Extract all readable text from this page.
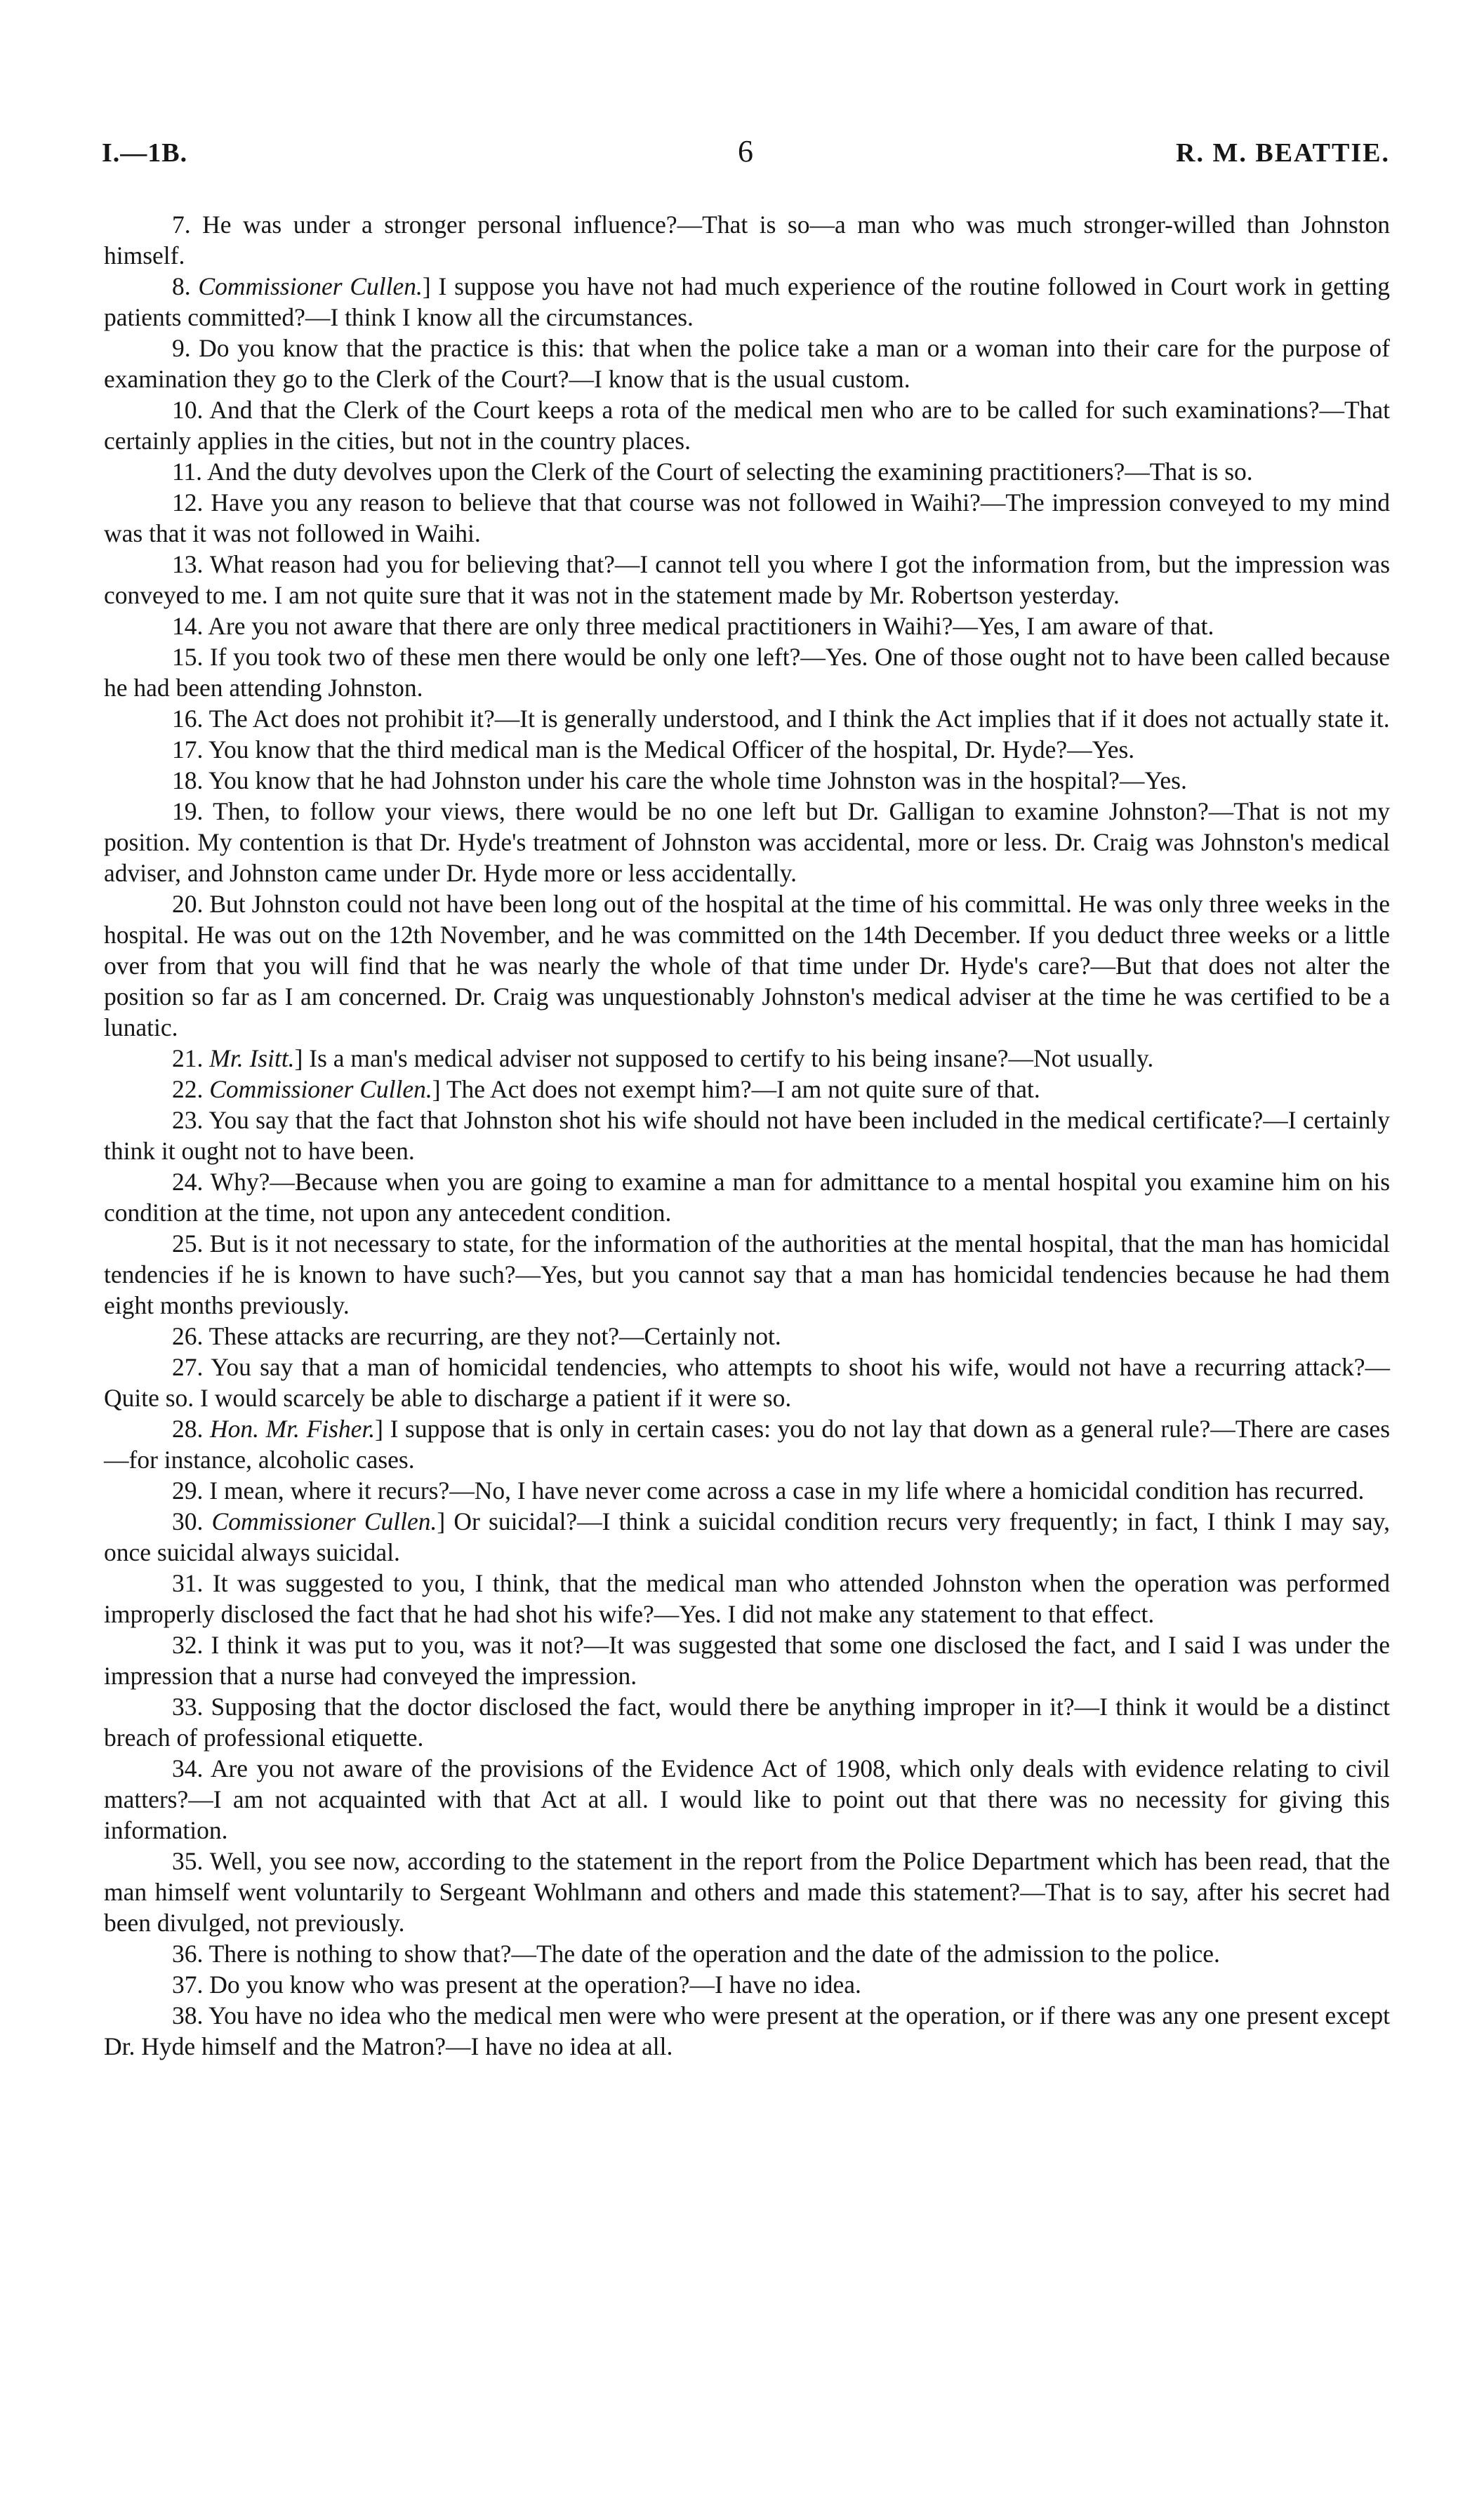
I.—1B.	6	R. M. BEATTIE.

7. He was under a stronger personal influence?—That is so—a man who was much stronger-willed than Johnston himself.

8. Commissioner Cullen.] I suppose you have not had much experience of the routine followed in Court work in getting patients committed?—I think I know all the circumstances.

9. Do you know that the practice is this: that when the police take a man or a woman into their care for the purpose of examination they go to the Clerk of the Court?—I know that is the usual custom.

10. And that the Clerk of the Court keeps a rota of the medical men who are to be called for such examinations?—That certainly applies in the cities, but not in the country places.

11. And the duty devolves upon the Clerk of the Court of selecting the examining practitioners?—That is so.

12. Have you any reason to believe that that course was not followed in Waihi?—The impression conveyed to my mind was that it was not followed in Waihi.

13. What reason had you for believing that?—I cannot tell you where I got the information from, but the impression was conveyed to me. I am not quite sure that it was not in the statement made by Mr. Robertson yesterday.

14. Are you not aware that there are only three medical practitioners in Waihi?—Yes, I am aware of that.

15. If you took two of these men there would be only one left?—Yes. One of those ought not to have been called because he had been attending Johnston.

16. The Act does not prohibit it?—It is generally understood, and I think the Act implies that if it does not actually state it.

17. You know that the third medical man is the Medical Officer of the hospital, Dr. Hyde?—Yes.

18. You know that he had Johnston under his care the whole time Johnston was in the hospital?—Yes.

19. Then, to follow your views, there would be no one left but Dr. Galligan to examine Johnston?—That is not my position. My contention is that Dr. Hyde's treatment of Johnston was accidental, more or less. Dr. Craig was Johnston's medical adviser, and Johnston came under Dr. Hyde more or less accidentally.

20. But Johnston could not have been long out of the hospital at the time of his committal. He was only three weeks in the hospital. He was out on the 12th November, and he was committed on the 14th December. If you deduct three weeks or a little over from that you will find that he was nearly the whole of that time under Dr. Hyde's care?—But that does not alter the position so far as I am concerned. Dr. Craig was unquestionably Johnston's medical adviser at the time he was certified to be a lunatic.

21. Mr. Isitt.] Is a man's medical adviser not supposed to certify to his being insane?—Not usually.

22. Commissioner Cullen.] The Act does not exempt him?—I am not quite sure of that.

23. You say that the fact that Johnston shot his wife should not have been included in the medical certificate?—I certainly think it ought not to have been.

24. Why?—Because when you are going to examine a man for admittance to a mental hospital you examine him on his condition at the time, not upon any antecedent condition.

25. But is it not necessary to state, for the information of the authorities at the mental hospital, that the man has homicidal tendencies if he is known to have such?—Yes, but you cannot say that a man has homicidal tendencies because he had them eight months previously.

26. These attacks are recurring, are they not?—Certainly not.

27. You say that a man of homicidal tendencies, who attempts to shoot his wife, would not have a recurring attack?—Quite so. I would scarcely be able to discharge a patient if it were so.

28. Hon. Mr. Fisher.] I suppose that is only in certain cases: you do not lay that down as a general rule?—There are cases—for instance, alcoholic cases.

29. I mean, where it recurs?—No, I have never come across a case in my life where a homicidal condition has recurred.

30. Commissioner Cullen.] Or suicidal?—I think a suicidal condition recurs very frequently; in fact, I think I may say, once suicidal always suicidal.

31. It was suggested to you, I think, that the medical man who attended Johnston when the operation was performed improperly disclosed the fact that he had shot his wife?—Yes. I did not make any statement to that effect.

32. I think it was put to you, was it not?—It was suggested that some one disclosed the fact, and I said I was under the impression that a nurse had conveyed the impression.

33. Supposing that the doctor disclosed the fact, would there be anything improper in it?—I think it would be a distinct breach of professional etiquette.

34. Are you not aware of the provisions of the Evidence Act of 1908, which only deals with evidence relating to civil matters?—I am not acquainted with that Act at all. I would like to point out that there was no necessity for giving this information.

35. Well, you see now, according to the statement in the report from the Police Department which has been read, that the man himself went voluntarily to Sergeant Wohlmann and others and made this statement?—That is to say, after his secret had been divulged, not previously.

36. There is nothing to show that?—The date of the operation and the date of the admission to the police.

37. Do you know who was present at the operation?—I have no idea.

38. You have no idea who the medical men were who were present at the operation, or if there was any one present except Dr. Hyde himself and the Matron?—I have no idea at all.
